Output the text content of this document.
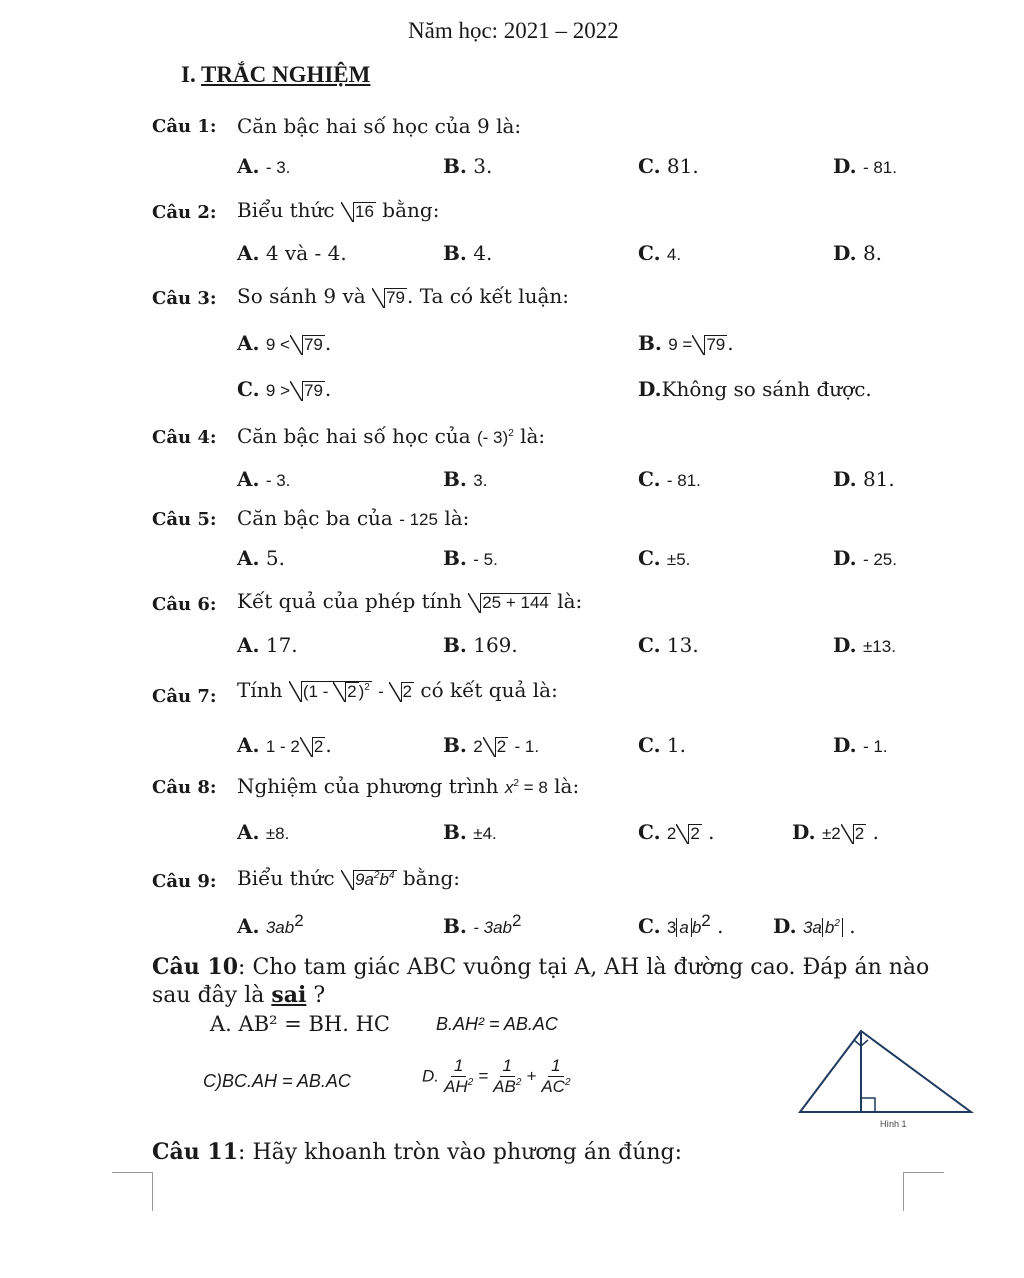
Năm học: 2021 – 2022
I. TRẮC NGHIỆM
Câu 1: Căn bậc hai số học của 9 là:
A. - 3.	B. 3.	C. 81.	D. - 81.
Câu 2: Biểu thức 16 bằng:
A. 4 và - 4.	B. 4.	C. 4.	D. 8.
Câu 3: So sánh 9 và 79 . Ta có kết luận:
A. 9 < 79 .	B. 9 = 79 .
C. 9 > 79 .	D.Không so sánh được.
Câu 4: Căn bậc hai số học của (- 3)$^2$ là:
A. - 3.	B. 3.	C. - 81.	D. 81.
Câu 5: Căn bậc ba của - 125 là:
A. 5.	B. - 5.	C. ±5.	D. - 25.
Câu 6: Kết quả của phép tính 25 + 144 là:
A. 17.	B. 169.	C. 13.	D. ±13.
Câu 7: Tính (1 - 2 )$^2$ - 2 có kết quả là:
A. 1 - 2 2 .	B. 2 2 - 1.	C. 1.	D. - 1.
Câu 8: Nghiệm của phương trình $x^2 = 8$ là:
A. ±8.	B. ±4.	C. 2 2 .	D. ±2 2 .
Câu 9: Biểu thức $9a^2b^4$ bằng:
A. $3ab^2$	B. - $3ab^2$	C. 3 a $b^2$ . D. 3a $b^2$ .
Câu 10: Cho tam giác ABC vuông tại A, AH là đường cao. Đáp án nào
sau đây là sai ?
A. AB² = BH. HC	B.AH² = AB.AC
C)BC.AH = AB.AC	D. $\frac{1}{AH^2} = \frac{1}{AB^2} + \frac{1}{AC^2}$
Hình 1
Câu 11: Hãy khoanh tròn vào phương án đúng:
